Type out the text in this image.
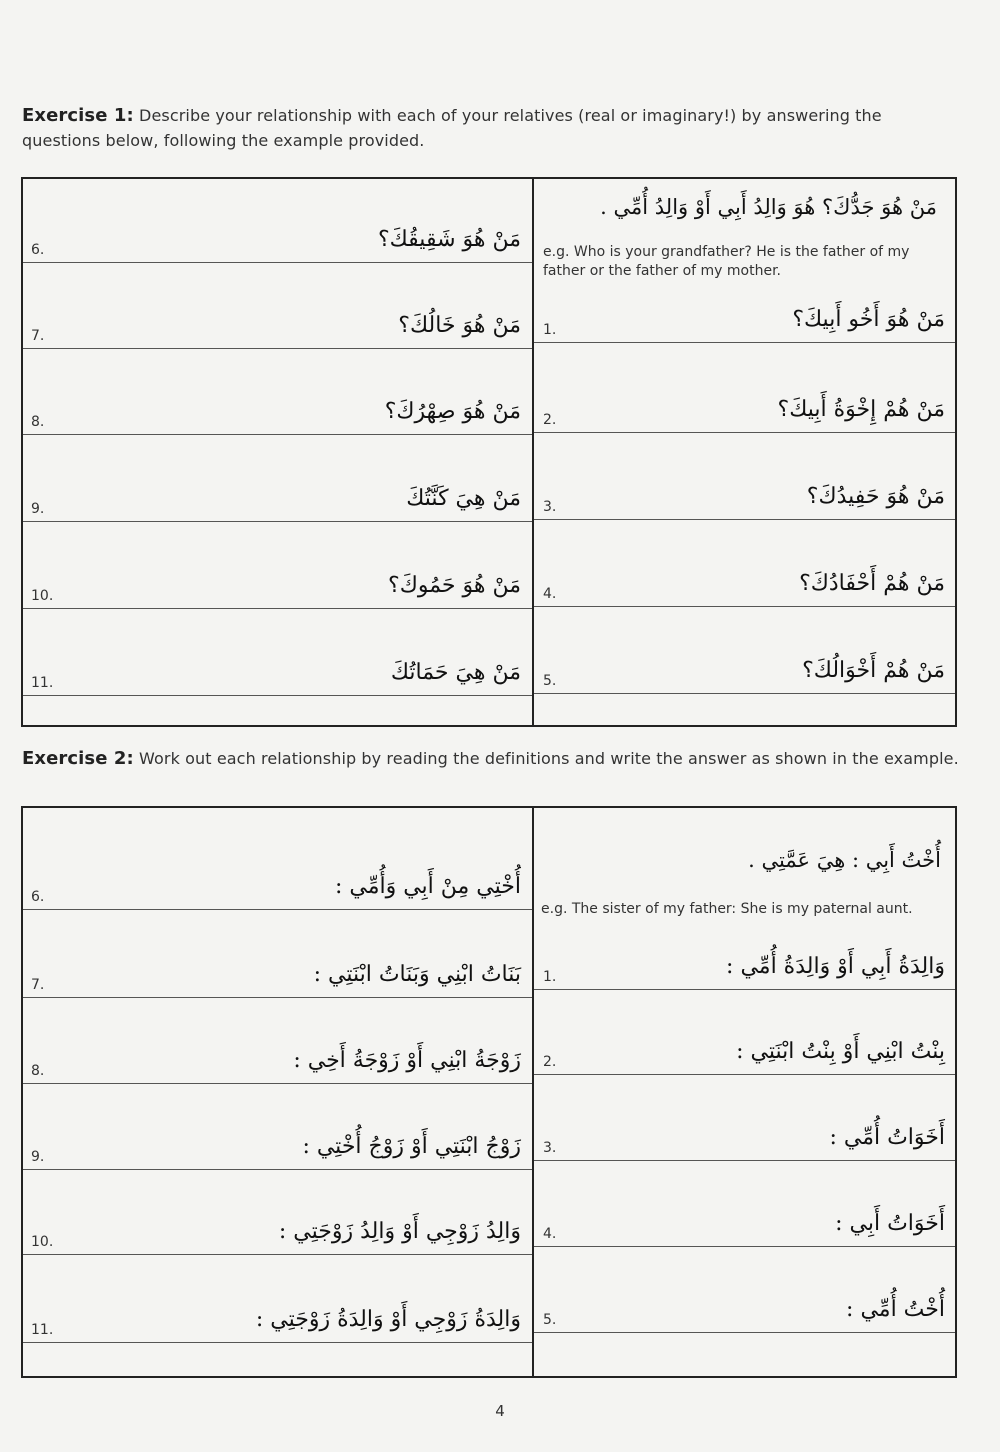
Exercise 1: Describe your relationship with each of your relatives (real or imaginary!) by answering the questions below, following the example provided.
مَنْ هُوَ جَدُّكَ؟ هُوَ وَالِدُ أَبِي أَوْ وَالِدُ أُمِّي .
e.g. Who is your grandfather? He is the father of my father or the father of my mother.
6.	مَنْ هُوَ شَقِيقُكَ؟
7.	مَنْ هُوَ خَالُكَ؟
8.	مَنْ هُوَ صِهْرُكَ؟
9.	مَنْ هِيَ كَنَّتُكَ
10.	مَنْ هُوَ حَمُوكَ؟
11.	مَنْ هِيَ حَمَاتُكَ
1.	مَنْ هُوَ أَخُو أَبِيكَ؟
2.	مَنْ هُمْ إِخْوَةُ أَبِيكَ؟
3.	مَنْ هُوَ حَفِيدُكَ؟
4.	مَنْ هُمْ أَحْفَادُكَ؟
5.	مَنْ هُمْ أَخْوَالُكَ؟
Exercise 2: Work out each relationship by reading the definitions and write the answer as shown in the example.
أُخْتُ أَبِي : هِيَ عَمَّتِي .
e.g. The sister of my father: She is my paternal aunt.
6.	أُخْتِي مِنْ أَبِي وَأُمِّي :
7.	بَنَاتُ ابْنِي وَبَنَاتُ ابْنَتِي :
8.	زَوْجَةُ ابْنِي أَوْ زَوْجَةُ أَخِي :
9.	زَوْجُ ابْنَتِي أَوْ زَوْجُ أُخْتِي :
10.	وَالِدُ زَوْجِي أَوْ وَالِدُ زَوْجَتِي :
11.	وَالِدَةُ زَوْجِي أَوْ وَالِدَةُ زَوْجَتِي :
1.	وَالِدَةُ أَبِي أَوْ وَالِدَةُ أُمِّي :
2.	بِنْتُ ابْنِي أَوْ بِنْتُ ابْنَتِي :
3.	أَخَوَاتُ أُمِّي :
4.	أَخَوَاتُ أَبِي :
5.	أُخْتُ أُمِّي :
4
